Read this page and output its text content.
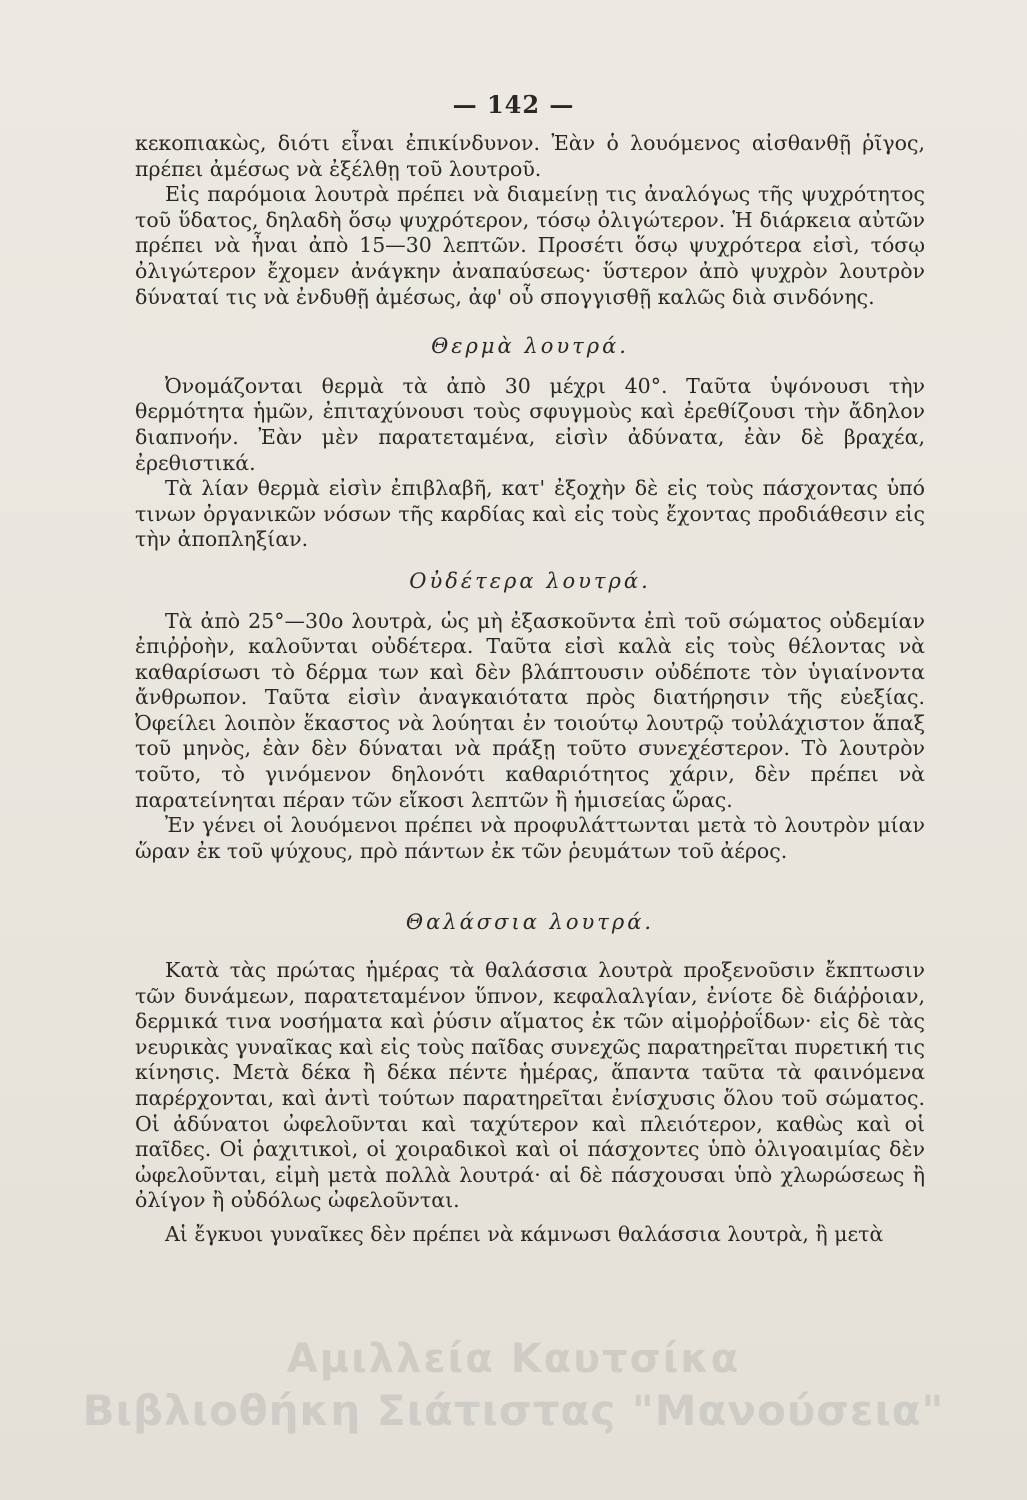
— 142 —

κεκοπιακὼς, διότι εἶναι ἐπικίνδυνον. Ἐὰν ὁ λουόμενος αἰσθανθῇ ῥῖγος, πρέπει ἀμέσως νὰ ἐξέλθῃ τοῦ λουτροῦ.

Εἰς παρόμοια λουτρὰ πρέπει νὰ διαμείνῃ τις ἀναλόγως τῆς ψυχρότητος τοῦ ὕδατος, δηλαδὴ ὅσῳ ψυχρότερον, τόσῳ ὀλιγώτερον. Ἡ διάρκεια αὐτῶν πρέπει νὰ ἦναι ἀπὸ 15—30 λεπτῶν. Προσέτι ὅσῳ ψυχρότερα εἰσὶ, τόσῳ ὀλιγώτερον ἔχομεν ἀνάγκην ἀναπαύσεως· ὕστερον ἀπὸ ψυχρὸν λουτρὸν δύναταί τις νὰ ἐνδυθῇ ἀμέσως, ἀφ' οὗ σπογγισθῇ καλῶς διὰ σινδόνης.

Θερμὰ λουτρά.

Ὀνομάζονται θερμὰ τὰ ἀπὸ 30 μέχρι 40°. Ταῦτα ὑψόνουσι τὴν θερμότητα ἡμῶν, ἐπιταχύνουσι τοὺς σφυγμοὺς καὶ ἐρεθίζουσι τὴν ἄδηλον διαπνοήν. Ἐὰν μὲν παρατεταμένα, εἰσὶν ἀδύνατα, ἐὰν δὲ βραχέα, ἐρεθιστικά.

Τὰ λίαν θερμὰ εἰσὶν ἐπιβλαβῆ, κατ' ἐξοχὴν δὲ εἰς τοὺς πάσχοντας ὑπό τινων ὀργανικῶν νόσων τῆς καρδίας καὶ εἰς τοὺς ἔχοντας προδιάθεσιν εἰς τὴν ἀποπληξίαν.

Οὐδέτερα λουτρά.

Τὰ ἀπὸ 25°—30ο λουτρὰ, ὡς μὴ ἐξασκοῦντα ἐπὶ τοῦ σώματος οὐδεμίαν ἐπιῤῥοὴν, καλοῦνται οὐδέτερα. Ταῦτα εἰσὶ καλὰ εἰς τοὺς θέλοντας νὰ καθαρίσωσι τὸ δέρμα των καὶ δὲν βλάπτουσιν οὐδέποτε τὸν ὑγιαίνοντα ἄνθρωπον. Ταῦτα εἰσὶν ἀναγκαιότατα πρὸς διατήρησιν τῆς εὐεξίας. Ὀφείλει λοιπὸν ἕκαστος νὰ λούηται ἐν τοιούτῳ λουτρῷ τοὐλάχιστον ἅπαξ τοῦ μηνὸς, ἐὰν δὲν δύναται νὰ πράξῃ τοῦτο συνεχέστερον. Τὸ λουτρὸν τοῦτο, τὸ γινόμενον δηλονότι καθαριότητος χάριν, δὲν πρέπει νὰ παρατείνηται πέραν τῶν εἴκοσι λεπτῶν ἢ ἡμισείας ὥρας.

Ἐν γένει οἱ λουόμενοι πρέπει νὰ προφυλάττωνται μετὰ τὸ λουτρὸν μίαν ὥραν ἐκ τοῦ ψύχους, πρὸ πάντων ἐκ τῶν ῥευμάτων τοῦ ἀέρος.

Θαλάσσια λουτρά.

Κατὰ τὰς πρώτας ἡμέρας τὰ θαλάσσια λουτρὰ προξενοῦσιν ἔκπτωσιν τῶν δυνάμεων, παρατεταμένον ὕπνον, κεφαλαλγίαν, ἐνίοτε δὲ διάῤῥοιαν, δερμικά τινα νοσήματα καὶ ῥύσιν αἵματος ἐκ τῶν αἱμοῤῥοΐδων· εἰς δὲ τὰς νευρικὰς γυναῖκας καὶ εἰς τοὺς παῖδας συνεχῶς παρατηρεῖται πυρετική τις κίνησις. Μετὰ δέκα ἢ δέκα πέντε ἡμέρας, ἅπαντα ταῦτα τὰ φαινόμενα παρέρχονται, καὶ ἀντὶ τούτων παρατηρεῖται ἐνίσχυσις ὅλου τοῦ σώματος. Οἱ ἀδύνατοι ὠφελοῦνται καὶ ταχύτερον καὶ πλειότερον, καθὼς καὶ οἱ παῖδες. Οἱ ῥαχιτικοὶ, οἱ χοιραδικοὶ καὶ οἱ πάσχοντες ὑπὸ ὀλιγοαιμίας δὲν ὠφελοῦνται, εἰμὴ μετὰ πολλὰ λουτρά· αἱ δὲ πάσχουσαι ὑπὸ χλωρώσεως ἢ ὀλίγον ἢ οὐδόλως ὠφελοῦνται.

Αἱ ἔγκυοι γυναῖκες δὲν πρέπει νὰ κάμνωσι θαλάσσια λουτρὰ, ἢ μετὰ

Αμιλλεία Καυτσίκα
Βιβλιοθήκη Σιάτιστας "Μανούσεια"
